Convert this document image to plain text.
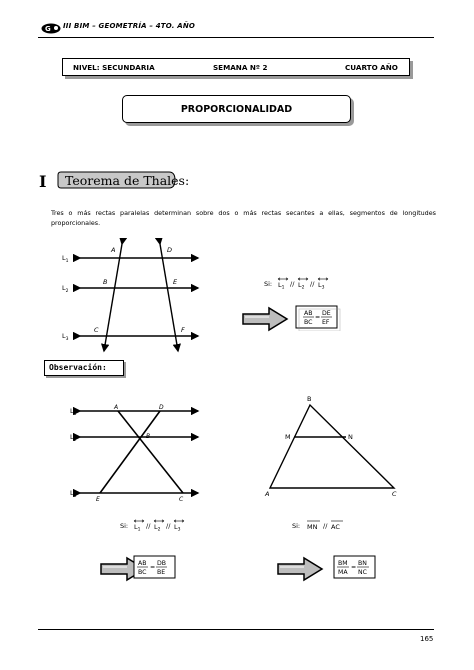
G III BIM – GEOMETRÍA – 4TO. AÑO
NIVEL: SECUNDARIA	SEMANA Nº 2	CUARTO AÑO
PROPORCIONALIDAD
I Teorema de Thales:
Tres o más rectas paralelas determinan sobre dos o más rectas secantes a ellas, segmentos de longitudes proporcionales.
$L_1$
$L_2$
$L_3$
A	D
B	E
C	F
Si: $L_1 // L_2 // L_3$
AB
BC
=
DE
EF
Observación:
$L_1$
$L_2$
$L_3$
A	D
B
E	C
B
M	N
A	C
Si: $L_1 // L_2 // L_3$	Si: MN // AC
AB
BC
=
DB
BE
BM
MA
=
BN
NC
165
